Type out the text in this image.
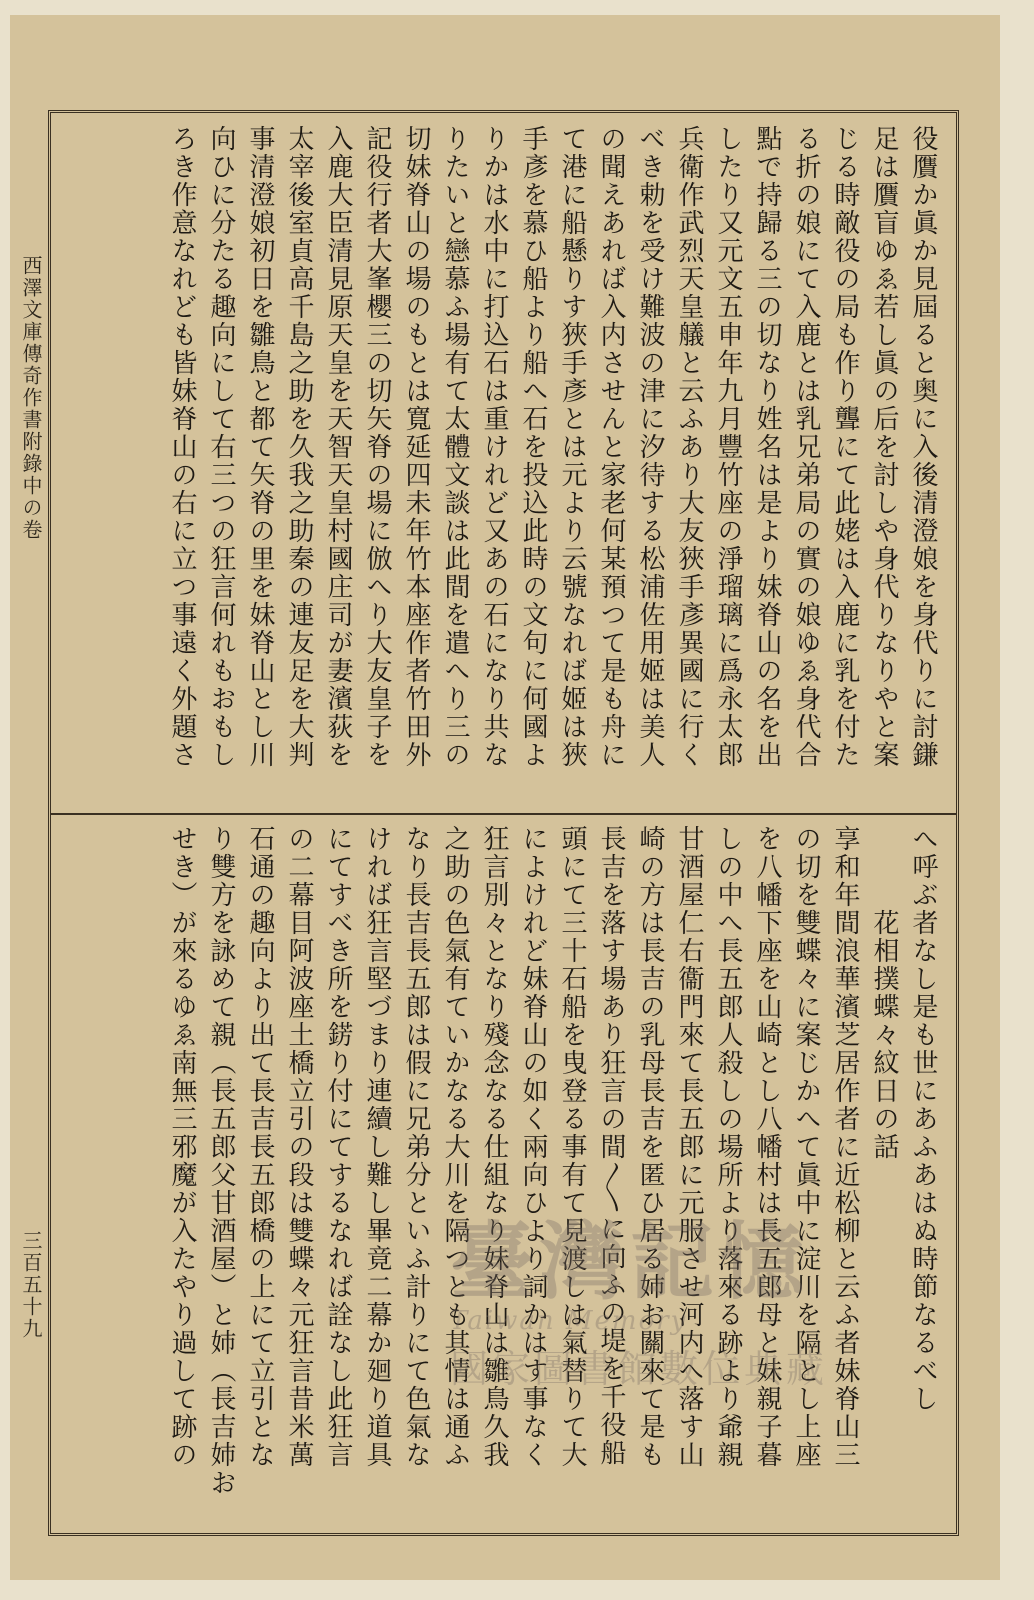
西澤文庫傳奇作書附錄中の卷
三百五十九
役贋か眞か見屆ると奥に入後清澄娘を身代りに討鎌
足は贋盲ゆゑ若し眞の后を討しや身代りなりやと案
じる時敵役の局も作り聾にて此姥は入鹿に乳を付た
る折の娘にて入鹿とは乳兄弟局の實の娘ゆゑ身代合
點で持歸る三の切なり姓名は是より妹脊山の名を出
したり又元文五申年九月豐竹座の淨瑠璃に爲永太郎
兵衛作武烈天皇艤と云ふあり大友狹手彥異國に行く
べき勅を受け難波の津に汐待する松浦佐用姬は美人
の聞えあれば入内させんと家老何某預つて是も舟に
て港に船懸りす狹手彥とは元より云號なれば姬は狹
手彥を慕ひ船より船へ石を投込此時の文句に何國よ
りかは水中に打込石は重けれど又あの石になり共な
りたいと戀慕ふ場有て太體文談は此間を遣へり三の
切妹脊山の場のもとは寬延四未年竹本座作者竹田外
記役行者大峯櫻三の切矢脊の場に倣へり大友皇子を
入鹿大臣清見原天皇を天智天皇村國庄司が妻濱荻を
太宰後室貞高千島之助を久我之助秦の連友足を大判
事清澄娘初日を雛鳥と都て矢脊の里を妹脊山とし川
向ひに分たる趣向にして右三つの狂言何れもおもし
ろき作意なれども皆妹脊山の右に立つ事遠く外題さ
へ呼ぶ者なし是も世にあふあはぬ時節なるべし
　　　花相撲蝶々紋日の話
享和年間浪華濱芝居作者に近松柳と云ふ者妹脊山三
の切を雙蝶々に案じかへて眞中に淀川を隔とし上座
を八幡下座を山崎とし八幡村は長五郎母と妹親子暮
しの中へ長五郎人殺しの場所より落來る跡より爺親
甘酒屋仁右衞門來て長五郎に元服させ河内へ落す山
崎の方は長吉の乳母長吉を匿ひ居る姉お關來て是も
長吉を落す場あり狂言の間〳〵に向ふの堤を千役船
頭にて三十石船を曳登る事有て見渡しは氣替りて大
によけれど妹脊山の如く兩向ひより詞かはす事なく
狂言別々となり殘念なる仕組なり妹脊山は雛鳥久我
之助の色氣有ていかなる大川を隔つとも其情は通ふ
なり長吉長五郎は假に兄弟分といふ計りにて色氣な
ければ狂言堅づまり連續し難し畢竟二幕か廻り道具
にてすべき所を錺り付にてするなれば詮なし此狂言
の二幕目阿波座土橋立引の段は雙蝶々元狂言昔米萬
石通の趣向より出て長吉長五郎橋の上にて立引とな
り雙方を詠めて親（長五郎父甘酒屋）と姉（長吉姉お
せき）が來るゆゑ南無三邪魔が入たやり過して跡の	臺灣記憶
Taiwan Memory
國家圖書館數位典藏
